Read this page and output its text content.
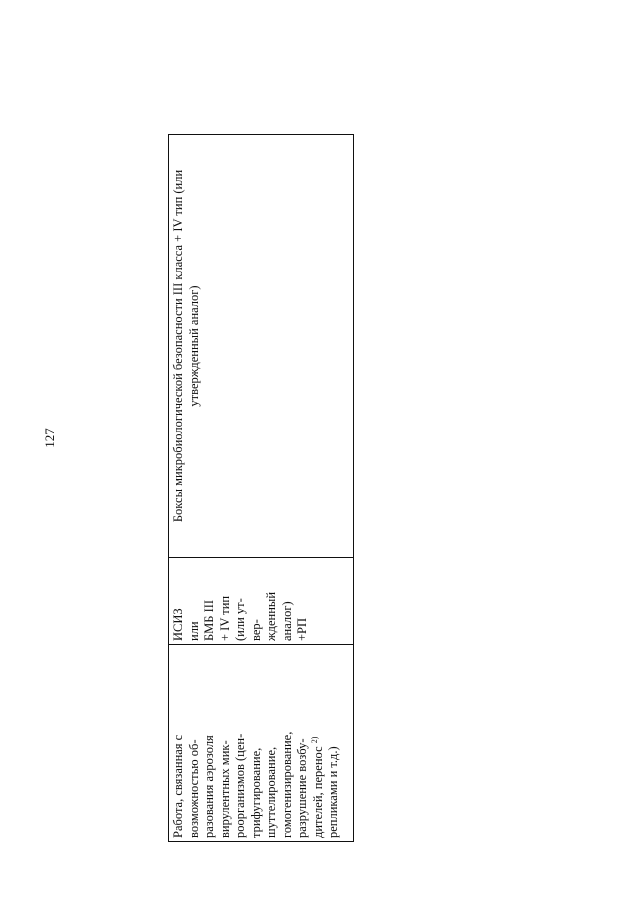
127
Работа, связанная с возможностью об- разования аэрозоля вирулентных мик- роорганизмов (цен- трифугирование, шуттелирование, гомогенизирование, разрушение возбу- дителей, перенос $^{2)}$
репликами и т.д.)

ИСИЗ или БМБ III + IV тип (или ут- вер- жденный аналог) +РП

Боксы микробиологической безопасности III класса + IV тип (или утвержденный аналог)
